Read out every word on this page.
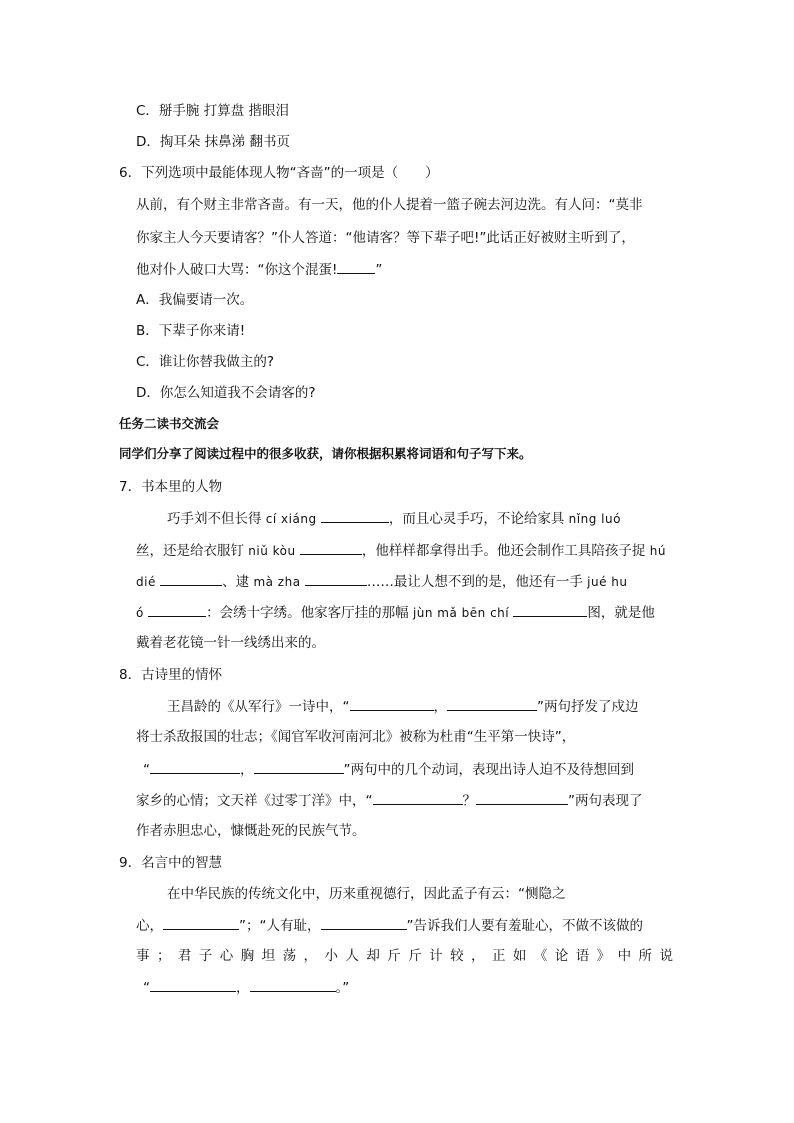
C．掰手腕 打算盘 揩眼泪
D．掏耳朵 抹鼻涕 翻书页
6．下列选项中最能体现人物“吝啬”的一项是（　　）
从前，有个财主非常吝啬。有一天，他的仆人提着一篮子碗去河边洗。有人问：“莫非
你家主人今天要请客？”仆人答道：“他请客？等下辈子吧!”此话正好被财主听到了，
他对仆人破口大骂：“你这个混蛋!	”
A．我偏要请一次。
B．下辈子你来请!
C．谁让你替我做主的?
D．你怎么知道我不会请客的?
任务二读书交流会
同学们分享了阅读过程中的很多收获，请你根据积累将词语和句子写下来。
7．书本里的人物
巧手刘不但长得 cí xiáng	，而且心灵手巧，不论给家具 nǐng luó
丝，还是给衣服钉 niǔ kòu	，他样样都拿得出手。他还会制作工具陪孩子捉 hú
dié	、逮 mà zha	……最让人想不到的是，他还有一手 jué hu
ó	：会绣十字绣。他家客厅挂的那幅 jùn mǎ bēn chí	图，就是他
戴着老花镜一针一线绣出来的。
8．古诗里的情怀
王昌龄的《从军行》一诗中，“	，	”两句抒发了戍边
将士杀敌报国的壮志；《闻官军收河南河北》被称为杜甫“生平第一快诗”，
“	，	”两句中的几个动词，表现出诗人迫不及待想回到
家乡的心情；文天祥《过零丁洋》中，“	？	”两句表现了
作者赤胆忠心，慷慨赴死的民族气节。
9．名言中的智慧
在中华民族的传统文化中，历来重视德行，因此孟子有云：“恻隐之
心，	”；“人有耻，	”告诉我们人要有羞耻心，不做不该做的
事 ； 君 子 心 胸 坦 荡 ， 小 人 却 斤 斤 计 较 ， 正 如 《 论 语 》 中 所 说
“	，	。”
